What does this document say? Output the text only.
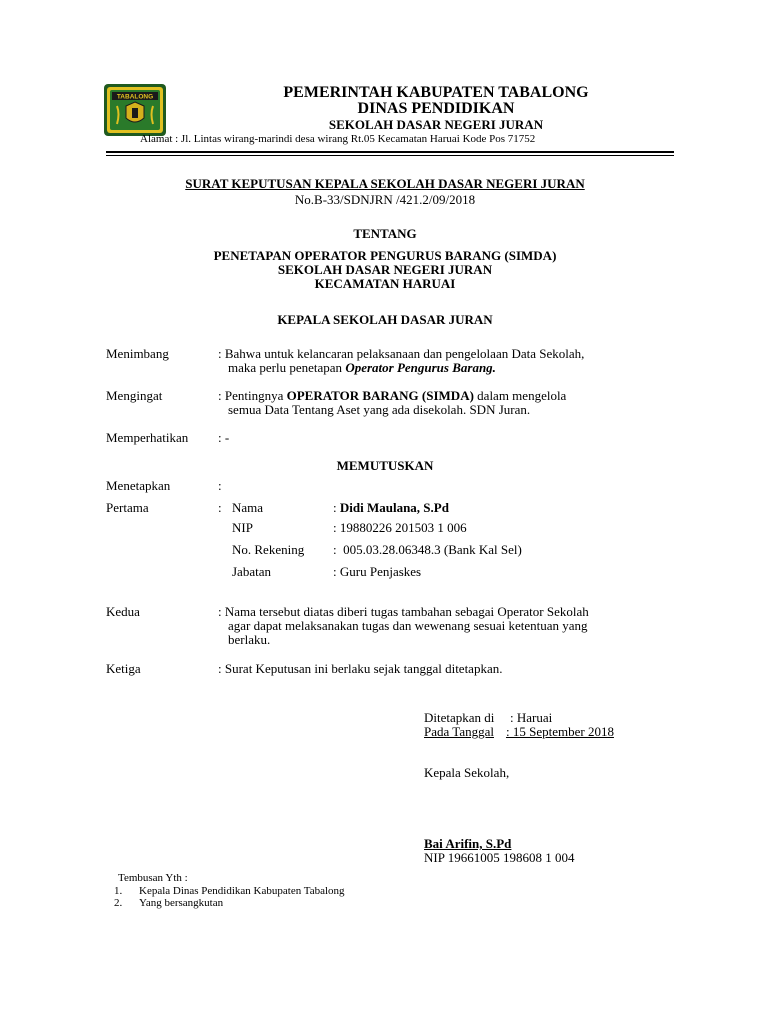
TABALONG	PEMERINTAH KABUPATEN TABALONG
DINAS PENDIDIKAN
SEKOLAH DASAR NEGERI JURAN
Alamat : Jl. Lintas wirang-marindi desa wirang Rt.05 Kecamatan Haruai Kode Pos 71752
SURAT KEPUTUSAN KEPALA SEKOLAH DASAR NEGERI JURAN
No.B-33/SDNJRN /421.2/09/2018
TENTANG
PENETAPAN OPERATOR PENGURUS BARANG (SIMDA)
SEKOLAH DASAR NEGERI JURAN
KECAMATAN HARUAI
KEPALA SEKOLAH DASAR JURAN
Menimbang	: Bahwa untuk kelancaran pelaksanaan dan pengelolaan Data Sekolah,
maka perlu penetapan Operator Pengurus Barang.
Mengingat	: Pentingnya OPERATOR BARANG (SIMDA) dalam mengelola
semua Data Tentang Aset yang ada disekolah. SDN Juran.
Memperhatikan : -
MEMUTUSKAN
Menetapkan	:
Pertama	: Nama	: Didi Maulana, S.Pd
NIP	: 19880226 201503 1 006
No. Rekening :  005.03.28.06348.3 (Bank Kal Sel)
Jabatan	: Guru Penjaskes
Kedua	: Nama tersebut diatas diberi tugas tambahan sebagai Operator Sekolah
agar dapat melaksanakan tugas dan wewenang sesuai ketentuan yang
berlaku.
Ketiga	: Surat Keputusan ini berlaku sejak tanggal ditetapkan.
Ditetapkan di : Haruai
Pada Tanggal : 15 September 2018
Kepala Sekolah,
Bai Arifin, S.Pd
NIP 19661005 198608 1 004
Tembusan Yth :
1. Kepala Dinas Pendidikan Kabupaten Tabalong
2. Yang bersangkutan
